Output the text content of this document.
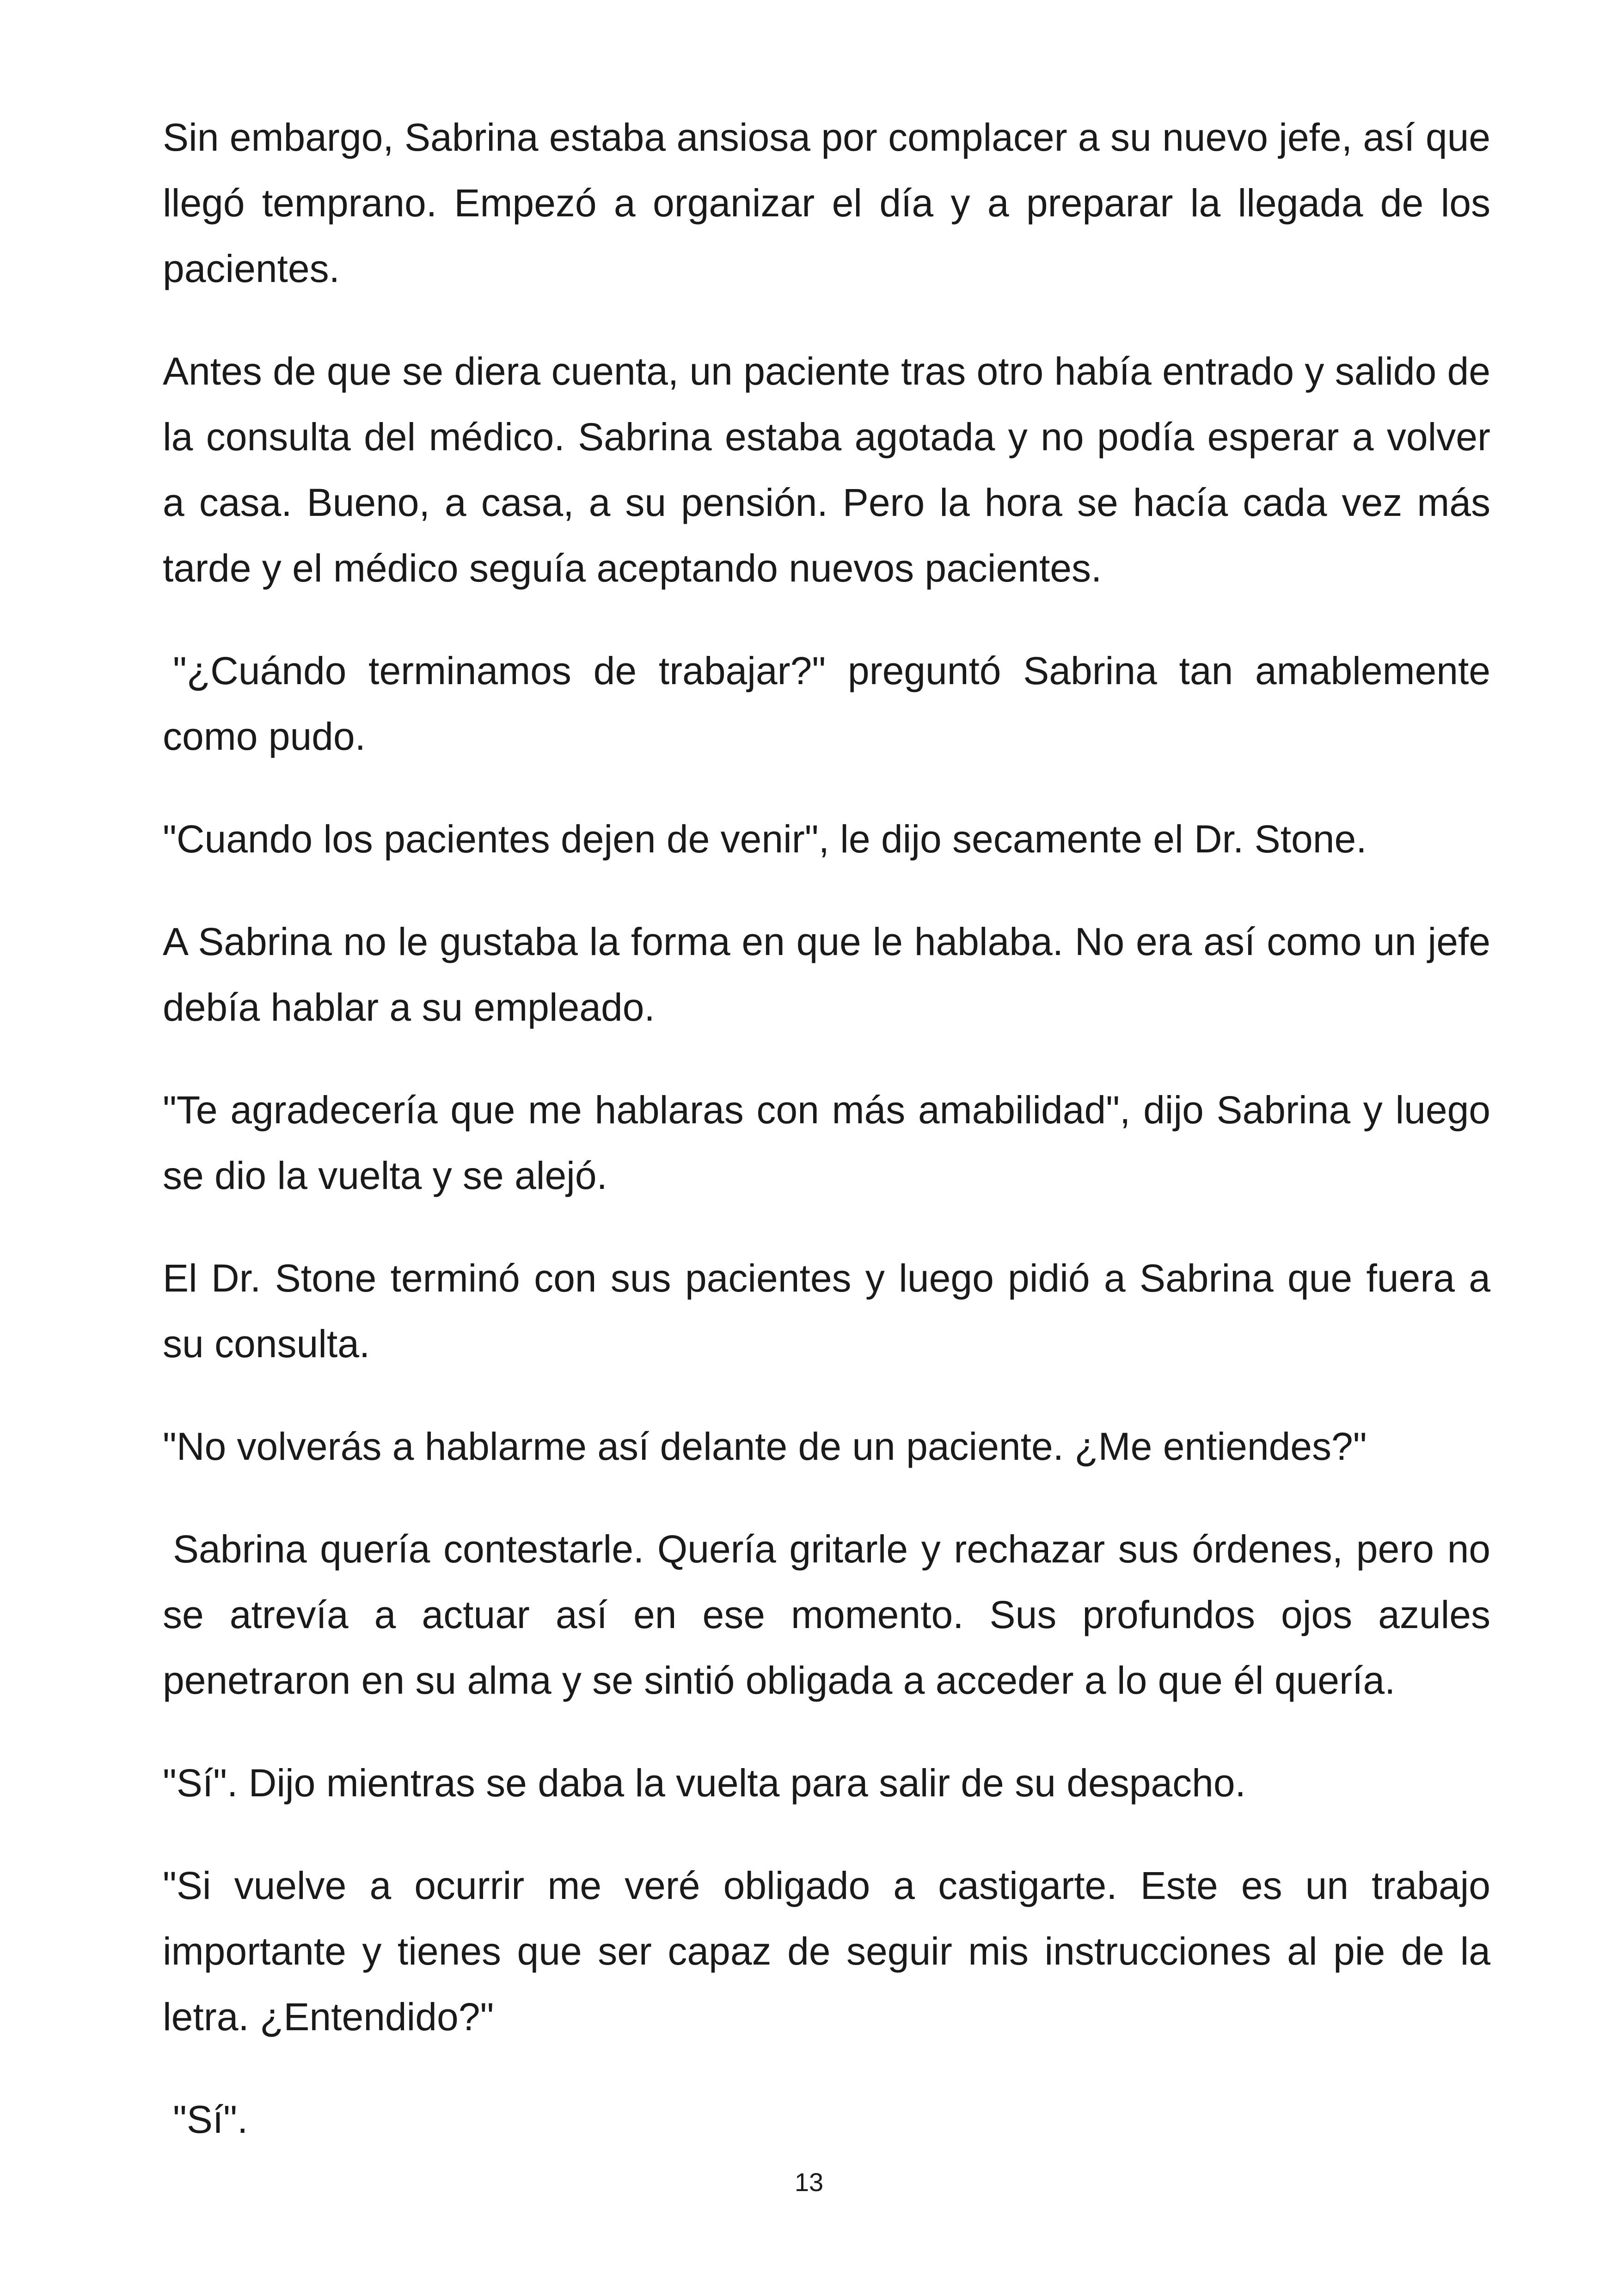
Sin embargo, Sabrina estaba ansiosa por complacer a su nuevo jefe, así que llegó temprano. Empezó a organizar el día y a preparar la llegada de los pacientes.

Antes de que se diera cuenta, un paciente tras otro había entrado y salido de la consulta del médico. Sabrina estaba agotada y no podía esperar a volver a casa. Bueno, a casa, a su pensión. Pero la hora se hacía cada vez más tarde y el médico seguía aceptando nuevos pacientes.

"¿Cuándo terminamos de trabajar?" preguntó Sabrina tan amablemente como pudo.

"Cuando los pacientes dejen de venir", le dijo secamente el Dr. Stone.

A Sabrina no le gustaba la forma en que le hablaba. No era así como un jefe debía hablar a su empleado.

"Te agradecería que me hablaras con más amabilidad", dijo Sabrina y luego se dio la vuelta y se alejó.

El Dr. Stone terminó con sus pacientes y luego pidió a Sabrina que fuera a su consulta.

"No volverás a hablarme así delante de un paciente. ¿Me entiendes?"

Sabrina quería contestarle. Quería gritarle y rechazar sus órdenes, pero no se atrevía a actuar así en ese momento. Sus profundos ojos azules penetraron en su alma y se sintió obligada a acceder a lo que él quería.

"Sí". Dijo mientras se daba la vuelta para salir de su despacho.

"Si vuelve a ocurrir me veré obligado a castigarte. Este es un trabajo importante y tienes que ser capaz de seguir mis instrucciones al pie de la letra. ¿Entendido?"

"Sí".

13
